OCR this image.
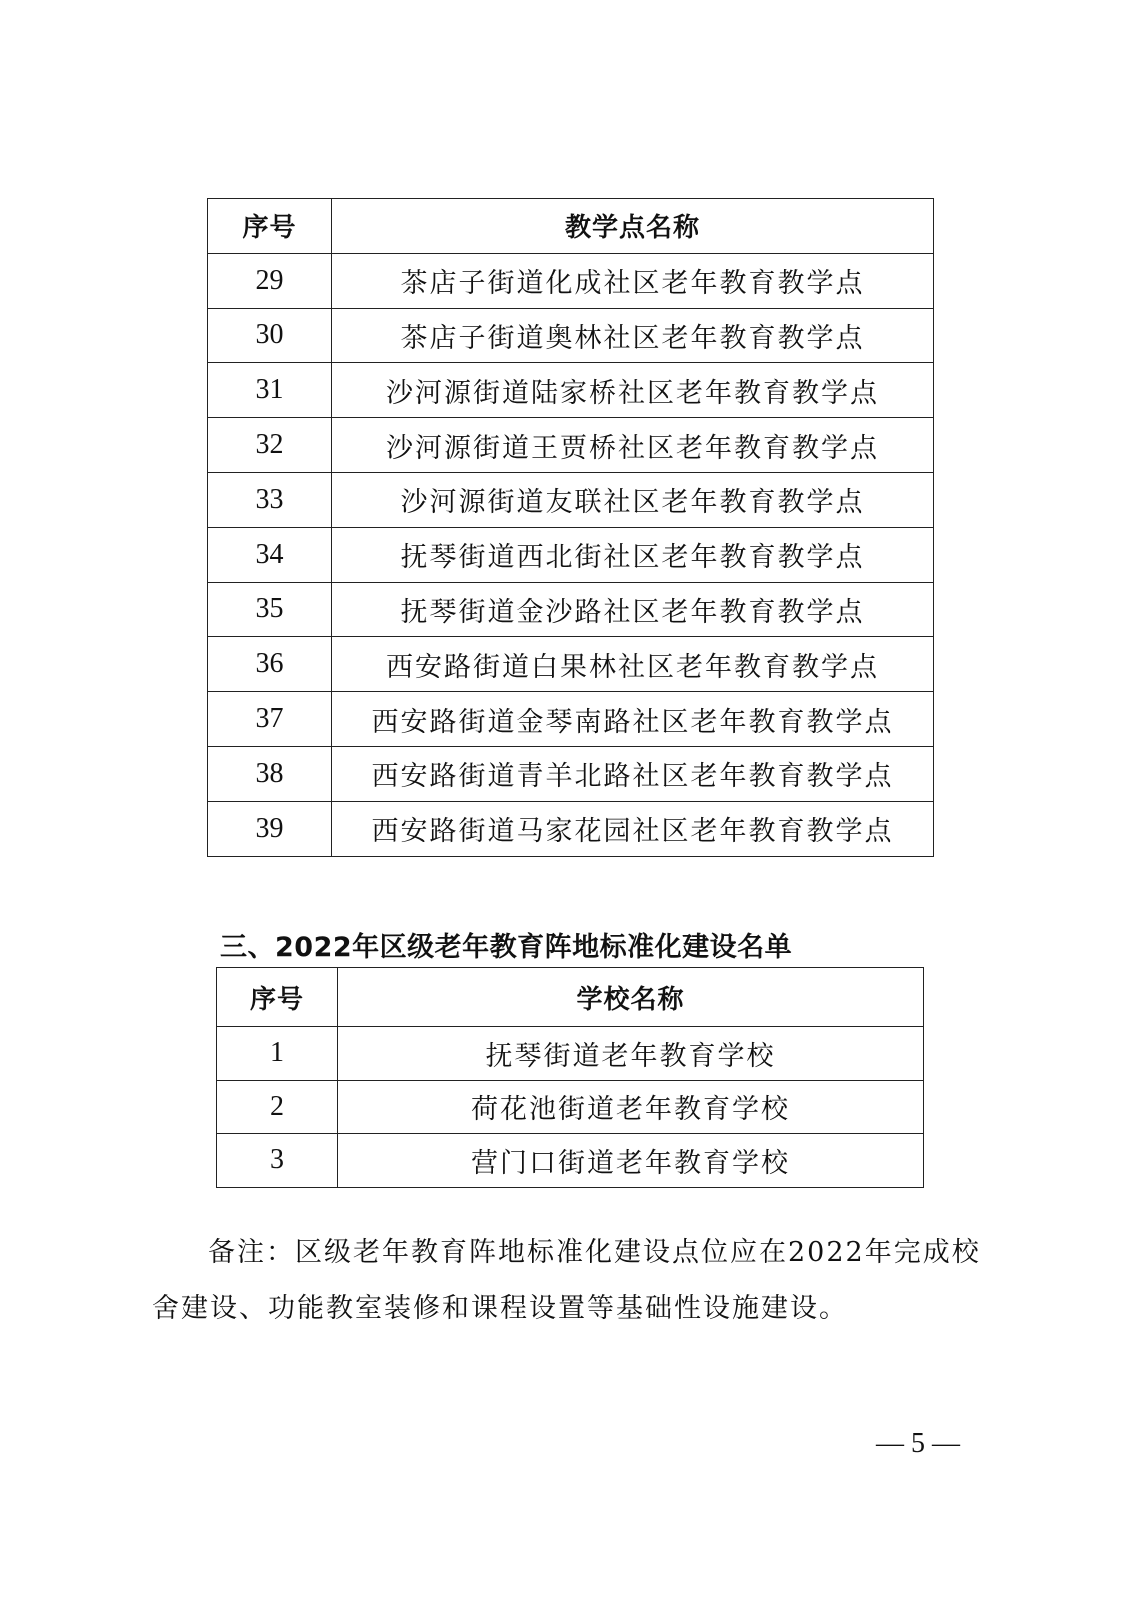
序号	教学点名称
29	茶店子街道化成社区老年教育教学点
30	茶店子街道奥林社区老年教育教学点
31	沙河源街道陆家桥社区老年教育教学点
32	沙河源街道王贾桥社区老年教育教学点
33	沙河源街道友联社区老年教育教学点
34	抚琴街道西北街社区老年教育教学点
35	抚琴街道金沙路社区老年教育教学点
36	西安路街道白果林社区老年教育教学点
37	西安路街道金琴南路社区老年教育教学点
38	西安路街道青羊北路社区老年教育教学点
39	西安路街道马家花园社区老年教育教学点
三、2022年区级老年教育阵地标准化建设名单
序号	学校名称
1	抚琴街道老年教育学校
2	荷花池街道老年教育学校
3	营门口街道老年教育学校

备注：区级老年教育阵地标准化建设点位应在2022年完成校舍建设、功能教室装修和课程设置等基础性设施建设。

— 5 —
